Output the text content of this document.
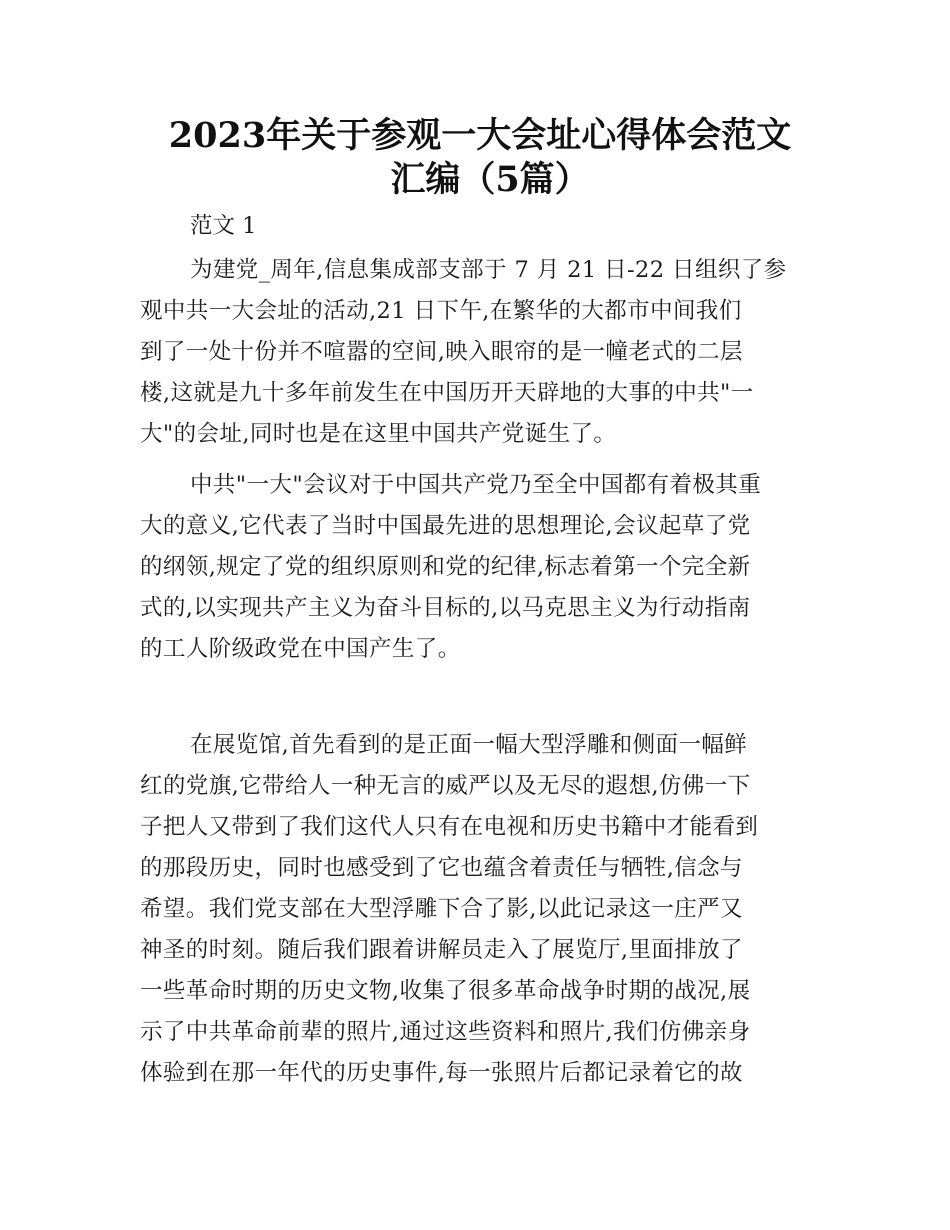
2023年关于参观一大会址心得体会范文
汇编（5篇）
范文 1
为建党_周年,信息集成部支部于 7 月 21 日-22 日组织了参
观中共一大会址的活动,21 日下午,在繁华的大都市中间我们
到了一处十份并不喧嚣的空间,映入眼帘的是一幢老式的二层
楼,这就是九十多年前发生在中国历开天辟地的大事的中共"一
大"的会址,同时也是在这里中国共产党诞生了。
中共"一大"会议对于中国共产党乃至全中国都有着极其重
大的意义,它代表了当时中国最先进的思想理论,会议起草了党
的纲领,规定了党的组织原则和党的纪律,标志着第一个完全新
式的,以实现共产主义为奋斗目标的,以马克思主义为行动指南
的工人阶级政党在中国产生了。
在展览馆,首先看到的是正面一幅大型浮雕和侧面一幅鲜
红的党旗,它带给人一种无言的威严以及无尽的遐想,仿佛一下
子把人又带到了我们这代人只有在电视和历史书籍中才能看到
的那段历史，同时也感受到了它也蕴含着责任与牺牲,信念与
希望。我们党支部在大型浮雕下合了影,以此记录这一庄严又
神圣的时刻。随后我们跟着讲解员走入了展览厅,里面排放了
一些革命时期的历史文物,收集了很多革命战争时期的战况,展
示了中共革命前辈的照片,通过这些资料和照片,我们仿佛亲身
体验到在那一年代的历史事件,每一张照片后都记录着它的故
